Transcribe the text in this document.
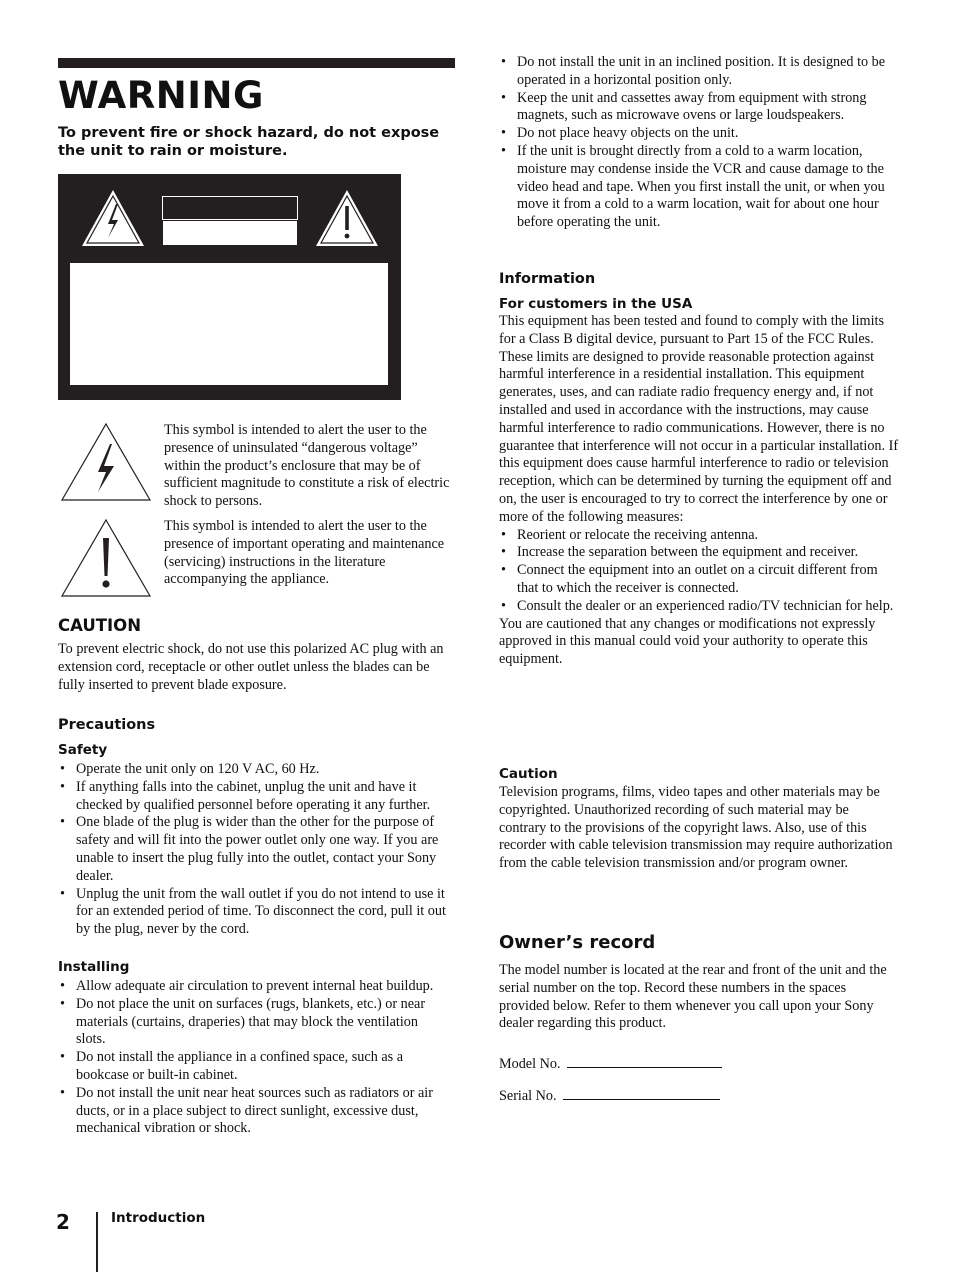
WARNING

To prevent fire or shock hazard, do not expose the unit to rain or moisture.

This symbol is intended to alert the user to the presence of uninsulated “dangerous voltage” within the product’s enclosure that may be of sufficient magnitude to constitute a risk of electric shock to persons.
This symbol is intended to alert the user to the presence of important operating and maintenance (servicing) instructions in the literature accompanying the appliance.
CAUTION

To prevent electric shock, do not use this polarized AC plug with an extension cord, receptacle or other outlet unless the blades can be fully inserted to prevent blade exposure.

Precautions
Safety
• Operate the unit only on 120 V AC, 60 Hz.
• If anything falls into the cabinet, unplug the unit and have it checked by qualified personnel before operating it any further.
• One blade of the plug is wider than the other for the purpose of safety and will fit into the power outlet only one way. If you are unable to insert the plug fully into the outlet, contact your Sony dealer.
• Unplug the unit from the wall outlet if you do not intend to use it for an extended period of time. To disconnect the cord, pull it out by the plug, never by the cord.
Installing
• Allow adequate air circulation to prevent internal heat buildup.
• Do not place the unit on surfaces (rugs, blankets, etc.) or near materials (curtains, draperies) that may block the ventilation slots.
• Do not install the appliance in a confined space, such as a bookcase or built-in cabinet.
• Do not install the unit near heat sources such as radiators or air ducts, or in a place subject to direct sunlight, excessive dust, mechanical vibration or shock.
• Do not install the unit in an inclined position. It is designed to be operated in a horizontal position only.
• Keep the unit and cassettes away from equipment with strong magnets, such as microwave ovens or large loudspeakers.
• Do not place heavy objects on the unit.
• If the unit is brought directly from a cold to a warm location, moisture may condense inside the VCR and cause damage to the video head and tape. When you first install the unit, or when you move it from a cold to a warm location, wait for about one hour before operating the unit.
Information
For customers in the USA

This equipment has been tested and found to comply with the limits for a Class B digital device, pursuant to Part 15 of the FCC Rules. These limits are designed to provide reasonable protection against harmful interference in a residential installation. This equipment generates, uses, and can radiate radio frequency energy and, if not installed and used in accordance with the instructions, may cause harmful interference to radio communications. However, there is no guarantee that interference will not occur in a particular installation. If this equipment does cause harmful interference to radio or television reception, which can be determined by turning the equipment off and on, the user is encouraged to try to correct the interference by one or more of the following measures:

• Reorient or relocate the receiving antenna.
• Increase the separation between the equipment and receiver.
• Connect the equipment into an outlet on a circuit different from that to which the receiver is connected.
• Consult the dealer or an experienced radio/TV technician for help.

You are cautioned that any changes or modifications not expressly approved in this manual could void your authority to operate this equipment.

Caution

Television programs, films, video tapes and other materials may be copyrighted. Unauthorized recording of such material may be contrary to the provisions of the copyright laws. Also, use of this recorder with cable television transmission may require authorization from the cable television transmission and/or program owner.

Owner’s record

The model number is located at the rear and front of the unit and the serial number on the top. Record these numbers in the spaces provided below. Refer to them whenever you call upon your Sony dealer regarding this product.

Model No.
Serial No.
2	Introduction
